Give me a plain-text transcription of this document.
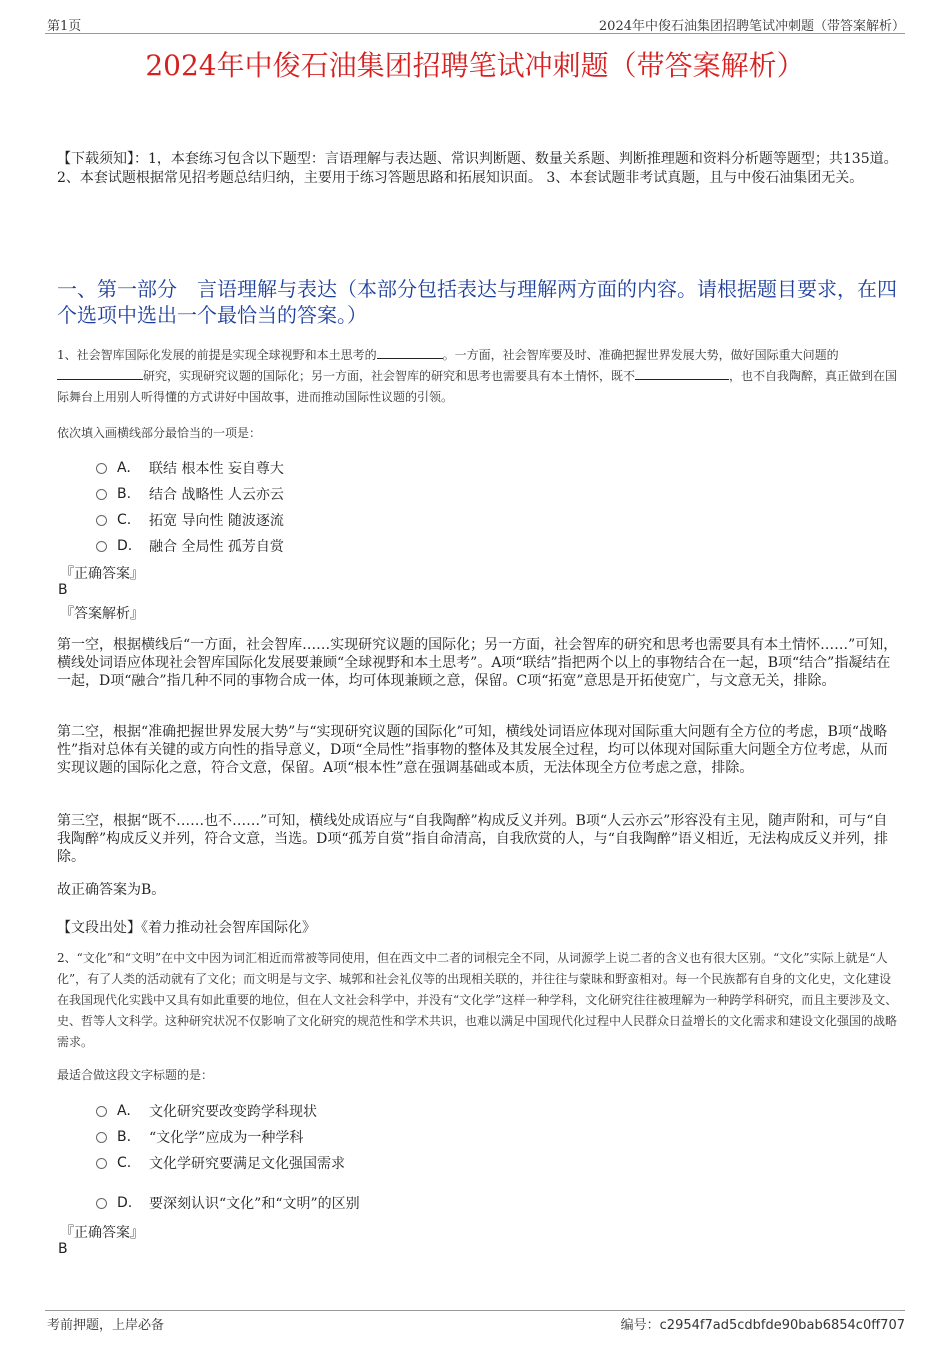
第1页	2024年中俊石油集团招聘笔试冲刺题（带答案解析）
2024年中俊石油集团招聘笔试冲刺题（带答案解析）
【下载须知】：1，本套练习包含以下题型：言语理解与表达题、常识判断题、数量关系题、判断推理题和资料分析题等题型；共135道。 2、本套试题根据常见招考题总结归纳，主要用于练习答题思路和拓展知识面。 3、本套试题非考试真题，且与中俊石油集团无关。
一、第一部分　言语理解与表达（本部分包括表达与理解两方面的内容。请根据题目要求，在四个选项中选出一个最恰当的答案。）
1、社会智库国际化发展的前提是实现全球视野和本土思考的	。一方面，社会智库要及时、准确把握世界发展大势，做好国际重大问题的研究，实现研究议题的国际化；另一方面，社会智库的研究和思考也需要具有本土情怀，既不	，也不自我陶醉，真正做到在国际舞台上用别人听得懂的方式讲好中国故事，进而推动国际性议题的引领。
依次填入画横线部分最恰当的一项是：
A.	联结 根本性 妄自尊大
B.	结合 战略性 人云亦云
C.	拓宽 导向性 随波逐流
D.	融合 全局性 孤芳自赏
『正确答案』
B
『答案解析』
第一空，根据横线后“一方面，社会智库……实现研究议题的国际化；另一方面，社会智库的研究和思考也需要具有本土情怀……”可知，横线处词语应体现社会智库国际化发展要兼顾“全球视野和本土思考”。A项“联结”指把两个以上的事物结合在一起，B项“结合”指凝结在一起，D项“融合”指几种不同的事物合成一体，均可体现兼顾之意，保留。C项“拓宽”意思是开拓使宽广，与文意无关，排除。
第二空，根据“准确把握世界发展大势”与“实现研究议题的国际化”可知，横线处词语应体现对国际重大问题有全方位的考虑，B项“战略性”指对总体有关键的或方向性的指导意义，D项“全局性”指事物的整体及其发展全过程，均可以体现对国际重大问题全方位考虑，从而实现议题的国际化之意，符合文意，保留。A项“根本性”意在强调基础或本质，无法体现全方位考虑之意，排除。
第三空，根据“既不……也不……”可知，横线处成语应与“自我陶醉”构成反义并列。B项“人云亦云”形容没有主见，随声附和，可与“自我陶醉”构成反义并列，符合文意，当选。D项“孤芳自赏”指自命清高，自我欣赏的人，与“自我陶醉”语义相近，无法构成反义并列，排除。
故正确答案为B。
【文段出处】《着力推动社会智库国际化》
2、“文化”和“文明”在中文中因为词汇相近而常被等同使用，但在西文中二者的词根完全不同，从词源学上说二者的含义也有很大区别。“文化”实际上就是“人化”，有了人类的活动就有了文化；而文明是与文字、城郭和社会礼仪等的出现相关联的，并往往与蒙昧和野蛮相对。每一个民族都有自身的文化史，文化建设在我国现代化实践中又具有如此重要的地位，但在人文社会科学中，并没有“文化学”这样一种学科，文化研究往往被理解为一种跨学科研究，而且主要涉及文、史、哲等人文科学。这种研究状况不仅影响了文化研究的规范性和学术共识，也难以满足中国现代化过程中人民群众日益增长的文化需求和建设文化强国的战略需求。
最适合做这段文字标题的是：
A.	文化研究要改变跨学科现状
B.	“文化学”应成为一种学科
C.	文化学研究要满足文化强国需求
D.	要深刻认识“文化”和“文明”的区别
『正确答案』
B
考前押题，上岸必备	编号：c2954f7ad5cdbfde90bab6854c0ff707
